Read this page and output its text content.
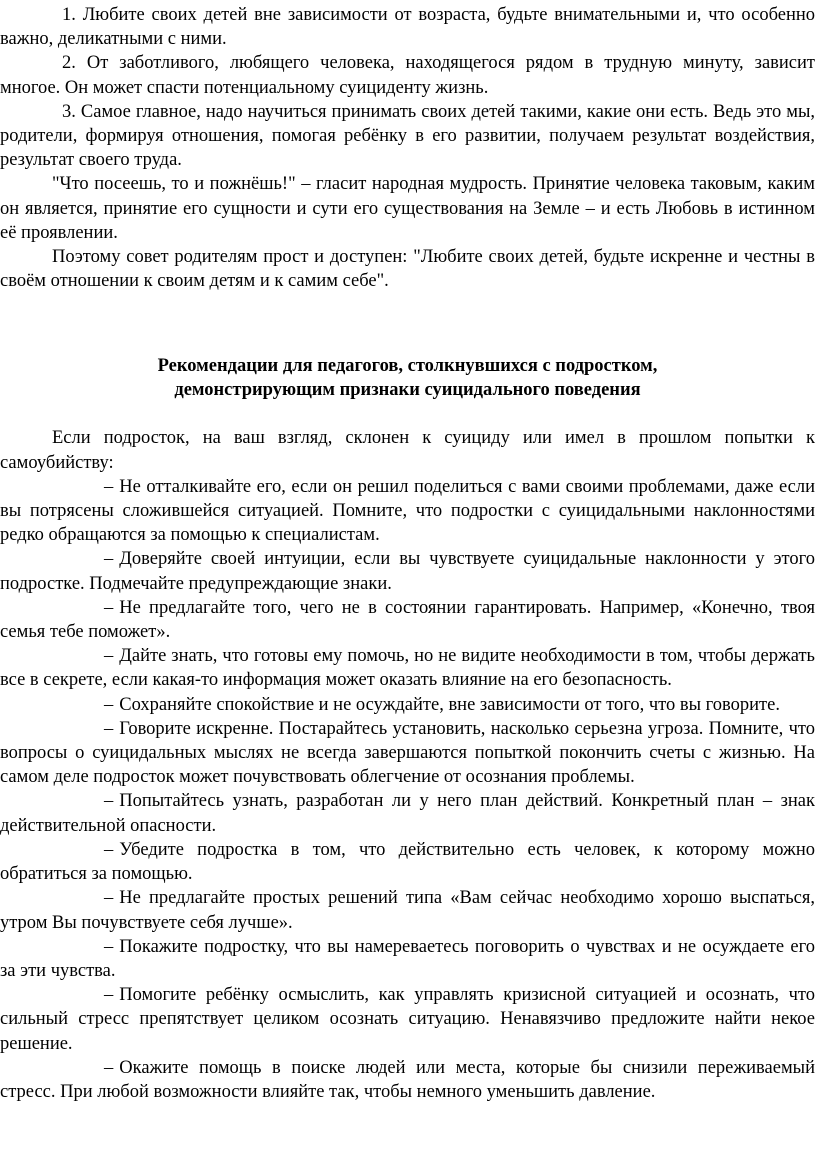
1. Любите своих детей вне зависимости от возраста, будьте внимательными и, что особенно важно, деликатными с ними.

2. От заботливого, любящего человека, находящегося рядом в трудную минуту, зависит многое. Он может спасти потенциальному суициденту жизнь.

3. Самое главное, надо научиться принимать своих детей такими, какие они есть. Ведь это мы, родители, формируя отношения, помогая ребёнку в его развитии, получаем результат воздействия, результат своего труда.

"Что посеешь, то и пожнёшь!" – гласит народная мудрость. Принятие человека таковым, каким он является, принятие его сущности и сути его существования на Земле – и есть Любовь в истинном её проявлении.

Поэтому совет родителям прост и доступен: "Любите своих детей, будьте искренне и честны в своём отношении к своим детям и к самим себе".

Рекомендации для педагогов, столкнувшихся с подростком,
демонстрирующим признаки суицидального поведения

Если подросток, на ваш взгляд, склонен к суициду или имел в прошлом попытки к самоубийству:

– Не отталкивайте его, если он решил поделиться с вами своими проблемами, даже если вы потрясены сложившейся ситуацией. Помните, что подростки с суицидальными наклонностями редко обращаются за помощью к специалистам.

– Доверяйте своей интуиции, если вы чувствуете суицидальные наклонности у этого подростке. Подмечайте предупреждающие знаки.

– Не предлагайте того, чего не в состоянии гарантировать. Например, «Конечно, твоя семья тебе поможет».

– Дайте знать, что готовы ему помочь, но не видите необходимости в том, чтобы держать все в секрете, если какая-то информация может оказать влияние на его безопасность.

– Сохраняйте спокойствие и не осуждайте, вне зависимости от того, что вы говорите.

– Говорите искренне. Постарайтесь установить, насколько серьезна угроза. Помните, что вопросы о суицидальных мыслях не всегда завершаются попыткой покончить счеты с жизнью. На самом деле подросток может почувствовать облегчение от осознания проблемы.

– Попытайтесь узнать, разработан ли у него план действий. Конкретный план – знак действительной опасности.

– Убедите подростка в том, что действительно есть человек, к которому можно обратиться за помощью.

– Не предлагайте простых решений типа «Вам сейчас необходимо хорошо выспаться, утром Вы почувствуете себя лучше».

– Покажите подростку, что вы намереваетесь поговорить о чувствах и не осуждаете его за эти чувства.

– Помогите ребёнку осмыслить, как управлять кризисной ситуацией и осознать, что сильный стресс препятствует целиком осознать ситуацию. Ненавязчиво предложите найти некое решение.

– Окажите помощь в поиске людей или места, которые бы снизили переживаемый стресс. При любой возможности влияйте так, чтобы немного уменьшить давление.
